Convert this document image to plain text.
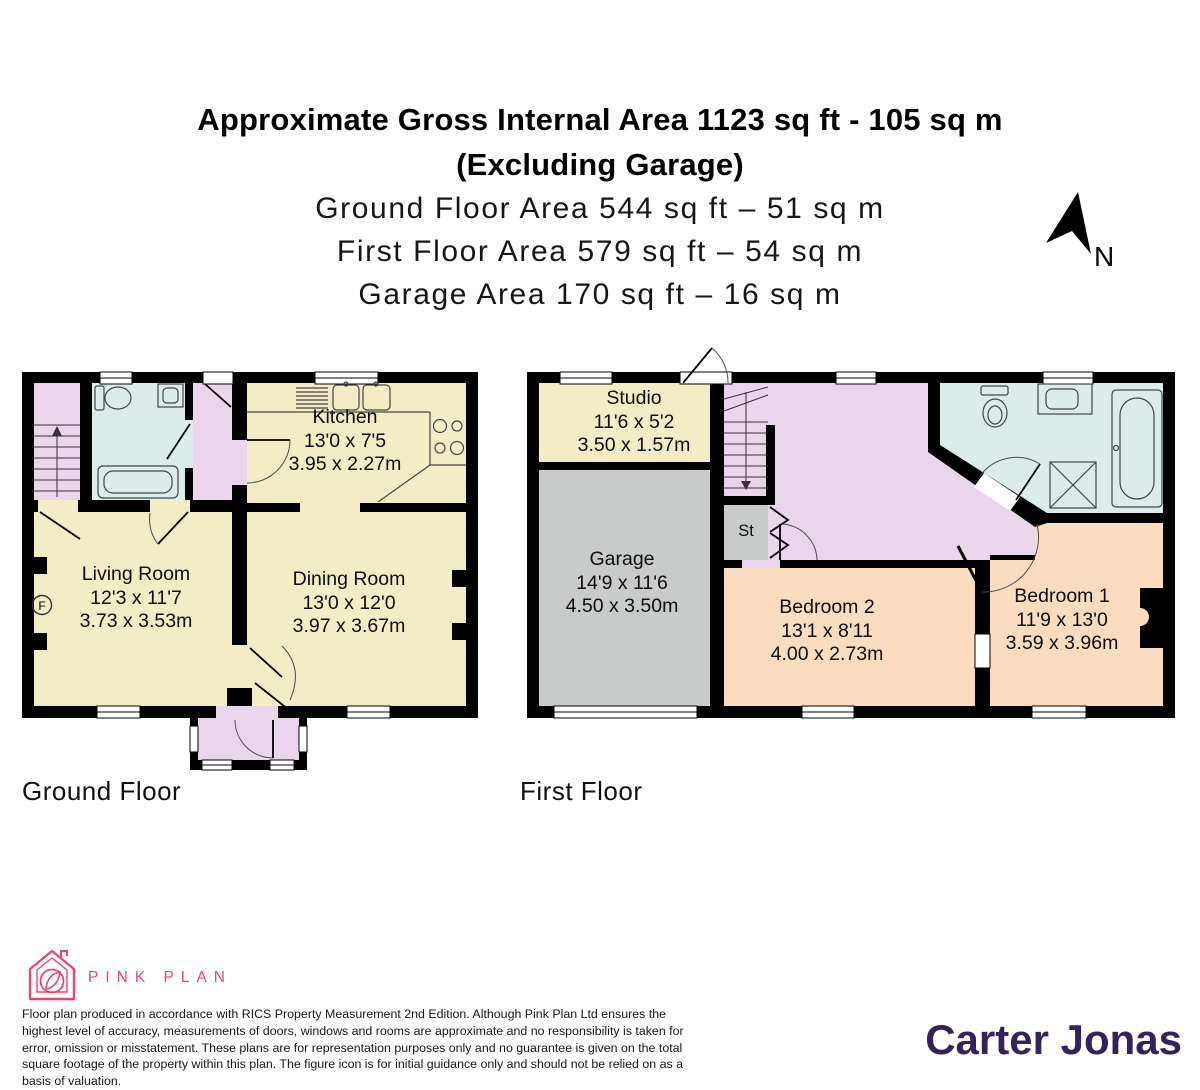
Approximate Gross Internal Area 1123 sq ft - 105 sq m
(Excluding Garage)
Ground Floor Area 544 sq ft – 51 sq m
First Floor Area 579 sq ft – 54 sq m
Garage Area 170 sq ft – 16 sq m
N
F
Kitchen
13'0 x 7'5
3.95 x 2.27m
Living Room
12'3 x 11'7
3.73 x 3.53m
Dining Room
13'0 x 12'0
3.97 x 3.67m
Studio
11'6 x 5'2
3.50 x 1.57m
Garage
14'9 x 11'6
4.50 x 3.50m
St
Bedroom 2
13'1 x 8'11
4.00 x 2.73m
Bedroom 1
11'9 x 13'0
3.59 x 3.96m
Ground Floor	First Floor
PINK PLAN
Floor plan produced in accordance with RICS Property Measurement 2nd Edition. Although Pink Plan Ltd ensures the highest level of accuracy, measurements of doors, windows and rooms are approximate and no responsibility is taken for error, omission or misstatement. These plans are for representation purposes only and no guarantee is given on the total square footage of the property within this plan. The figure icon is for initial guidance only and should not be relied on as a basis of valuation.
Carter Jonas
